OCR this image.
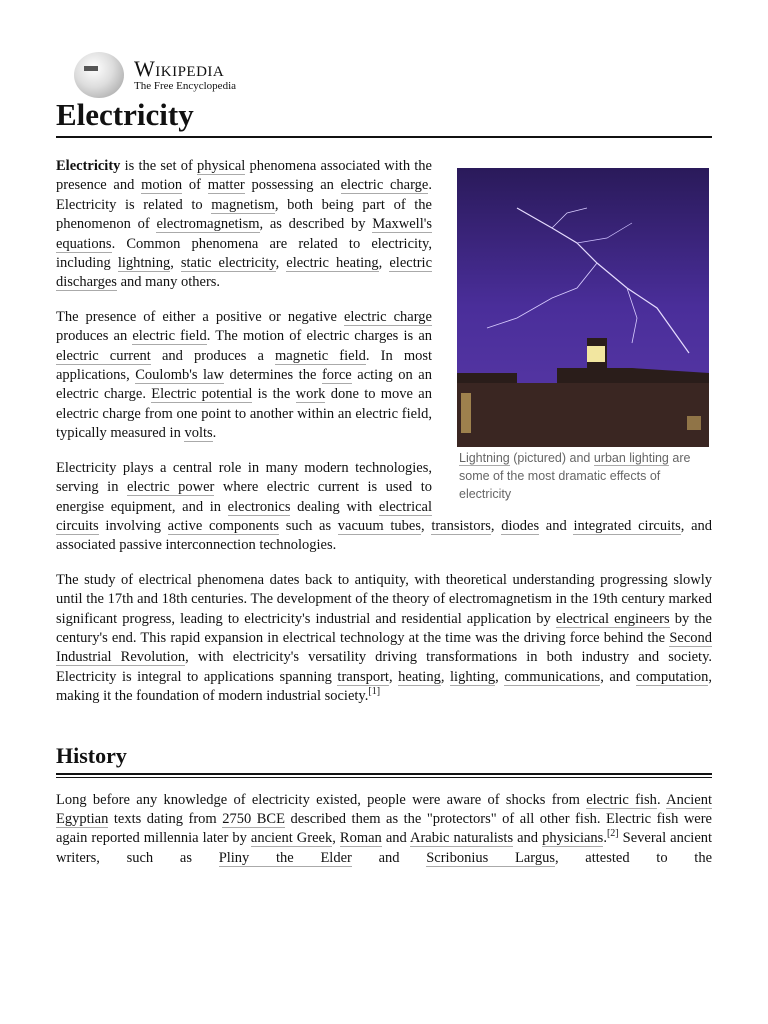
Wikipedia
The Free Encyclopedia
Electricity
Lightning (pictured) and urban lighting are some of the most dramatic effects of electricity

Electricity is the set of physical phenomena associated with the presence and motion of matter possessing an electric charge. Electricity is related to magnetism, both being part of the phenomenon of electromagnetism, as described by Maxwell's equations. Common phenomena are related to electricity, including lightning, static electricity, electric heating, electric discharges and many others.

The presence of either a positive or negative electric charge produces an electric field. The motion of electric charges is an electric current and produces a magnetic field. In most applications, Coulomb's law determines the force acting on an electric charge. Electric potential is the work done to move an electric charge from one point to another within an electric field, typically measured in volts.

Electricity plays a central role in many modern technologies, serving in electric power where electric current is used to energise equipment, and in electronics dealing with electrical circuits involving active components such as vacuum tubes, transistors, diodes and integrated circuits, and associated passive interconnection technologies.

The study of electrical phenomena dates back to antiquity, with theoretical understanding progressing slowly until the 17th and 18th centuries. The development of the theory of electromagnetism in the 19th century marked significant progress, leading to electricity's industrial and residential application by electrical engineers by the century's end. This rapid expansion in electrical technology at the time was the driving force behind the Second Industrial Revolution, with electricity's versatility driving transformations in both industry and society. Electricity is integral to applications spanning transport, heating, lighting, communications, and computation, making it the foundation of modern industrial society.[1]

History

Long before any knowledge of electricity existed, people were aware of shocks from electric fish. Ancient Egyptian texts dating from 2750 BCE described them as the "protectors" of all other fish. Electric fish were again reported millennia later by ancient Greek, Roman and Arabic naturalists and physicians.[2] Several ancient writers, such as Pliny the Elder and Scribonius Largus, attested to the
